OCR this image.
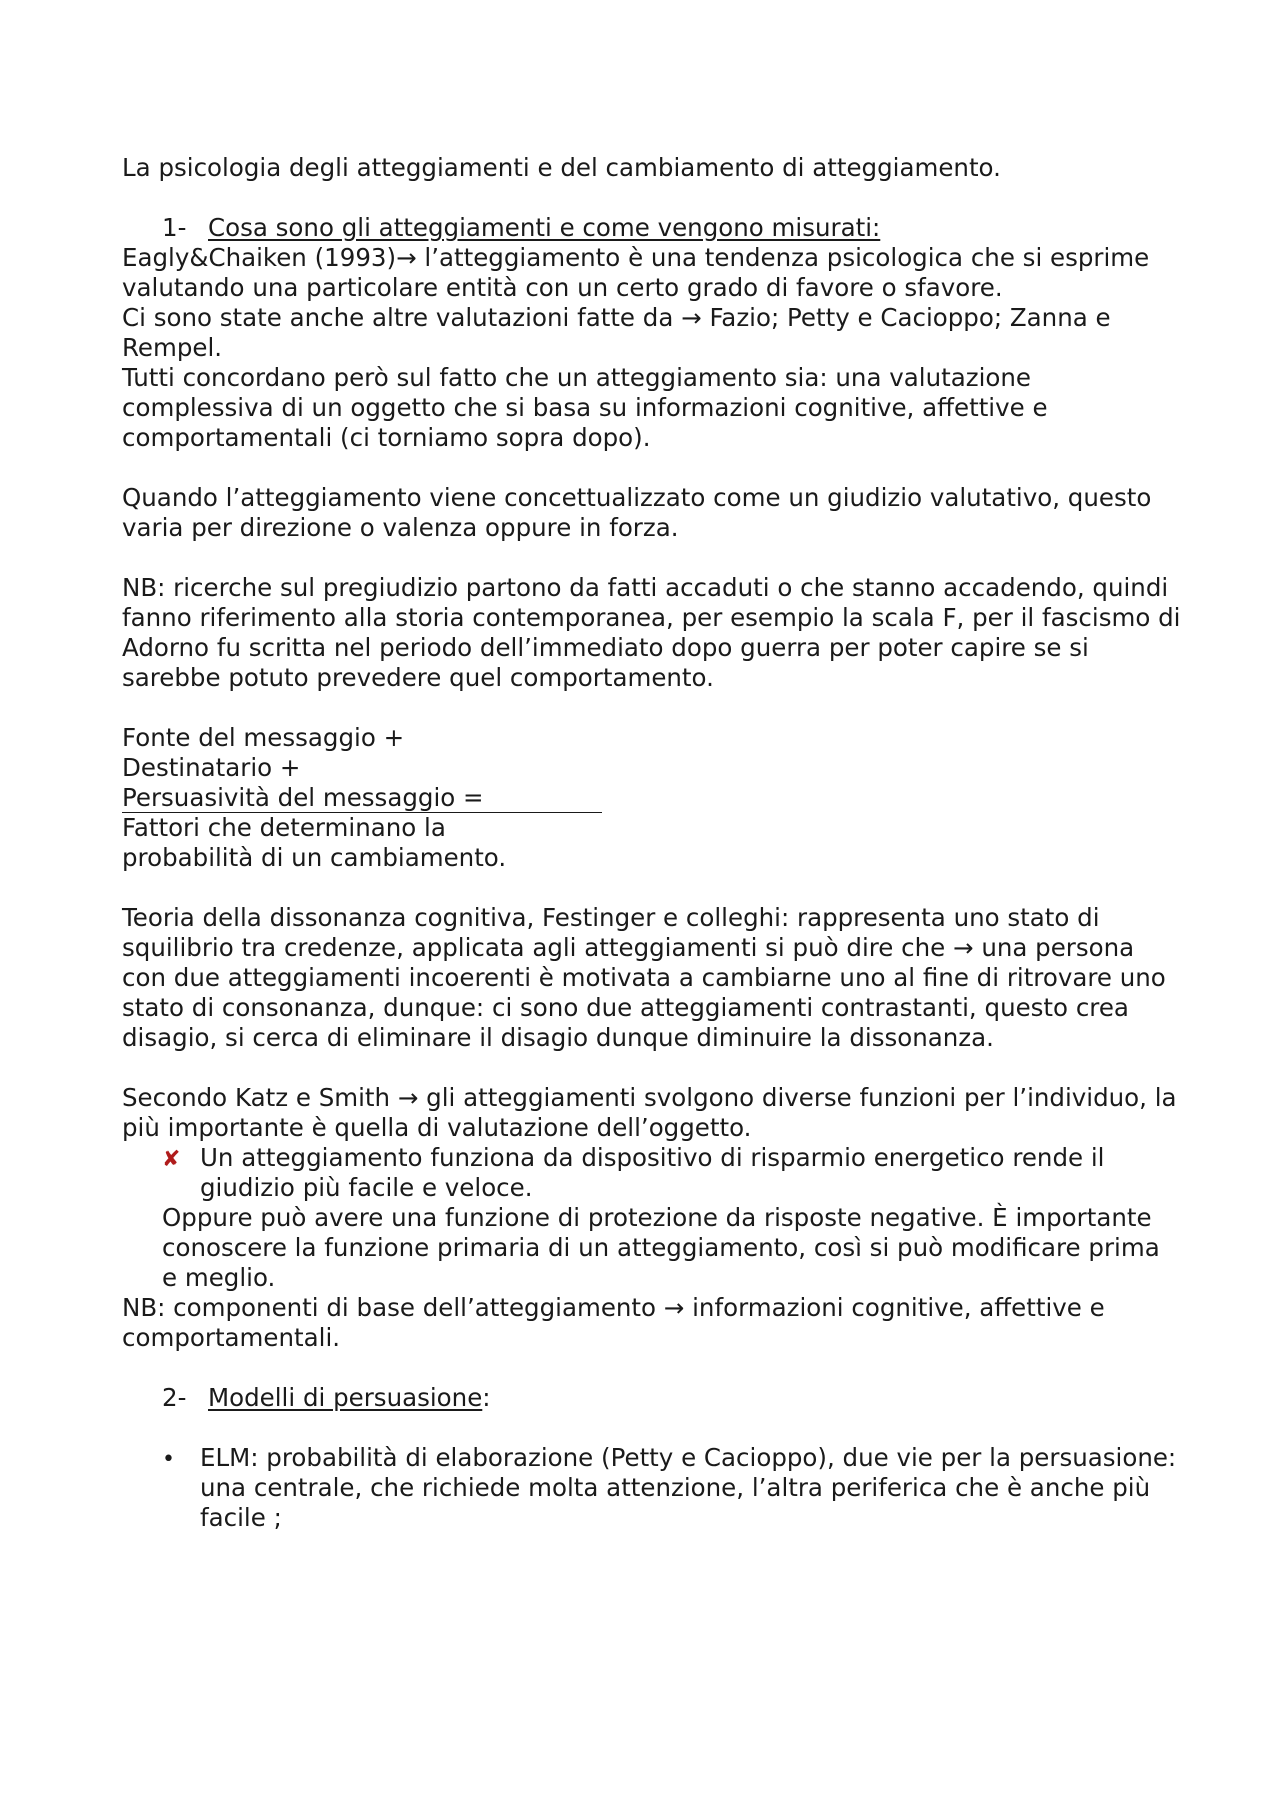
La psicologia degli atteggiamenti e del cambiamento di atteggiamento.

1- Cosa sono gli atteggiamenti e come vengono misurati:

Eagly&Chaiken (1993)→ l’atteggiamento è una tendenza psicologica che si esprime valutando una particolare entità con un certo grado di favore o sfavore.

Ci sono state anche altre valutazioni fatte da → Fazio; Petty e Cacioppo; Zanna e Rempel.

Tutti concordano però sul fatto che un atteggiamento sia: una valutazione complessiva di un oggetto che si basa su informazioni cognitive, affettive e comportamentali (ci torniamo sopra dopo).

Quando l’atteggiamento viene concettualizzato come un giudizio valutativo, questo varia per direzione o valenza oppure in forza.

NB: ricerche sul pregiudizio partono da fatti accaduti o che stanno accadendo, quindi fanno riferimento alla storia contemporanea, per esempio la scala F, per il fascismo di Adorno fu scritta nel periodo dell’immediato dopo guerra per poter capire se si sarebbe potuto prevedere quel comportamento.

Fonte del messaggio +

Destinatario +

Persuasività del messaggio =

Fattori che determinano la

probabilità di un cambiamento.

Teoria della dissonanza cognitiva, Festinger e colleghi: rappresenta uno stato di squilibrio tra credenze, applicata agli atteggiamenti si può dire che → una persona con due atteggiamenti incoerenti è motivata a cambiarne uno al fine di ritrovare uno stato di consonanza, dunque: ci sono due atteggiamenti contrastanti, questo crea disagio, si cerca di eliminare il disagio dunque diminuire la dissonanza.

Secondo Katz e Smith → gli atteggiamenti svolgono diverse funzioni per l’individuo, la più importante è quella di valutazione dell’oggetto.

✘ Un atteggiamento funziona da dispositivo di risparmio energetico rende il giudizio più facile e veloce.

Oppure può avere una funzione di protezione da risposte negative. È importante conoscere la funzione primaria di un atteggiamento, così si può modificare prima e meglio.

NB: componenti di base dell’atteggiamento → informazioni cognitive, affettive e comportamentali.

2- Modelli di persuasione:

•	ELM: probabilità di elaborazione (Petty e Cacioppo), due vie per la persuasione: una centrale, che richiede molta attenzione, l’altra periferica che è anche più facile ;
